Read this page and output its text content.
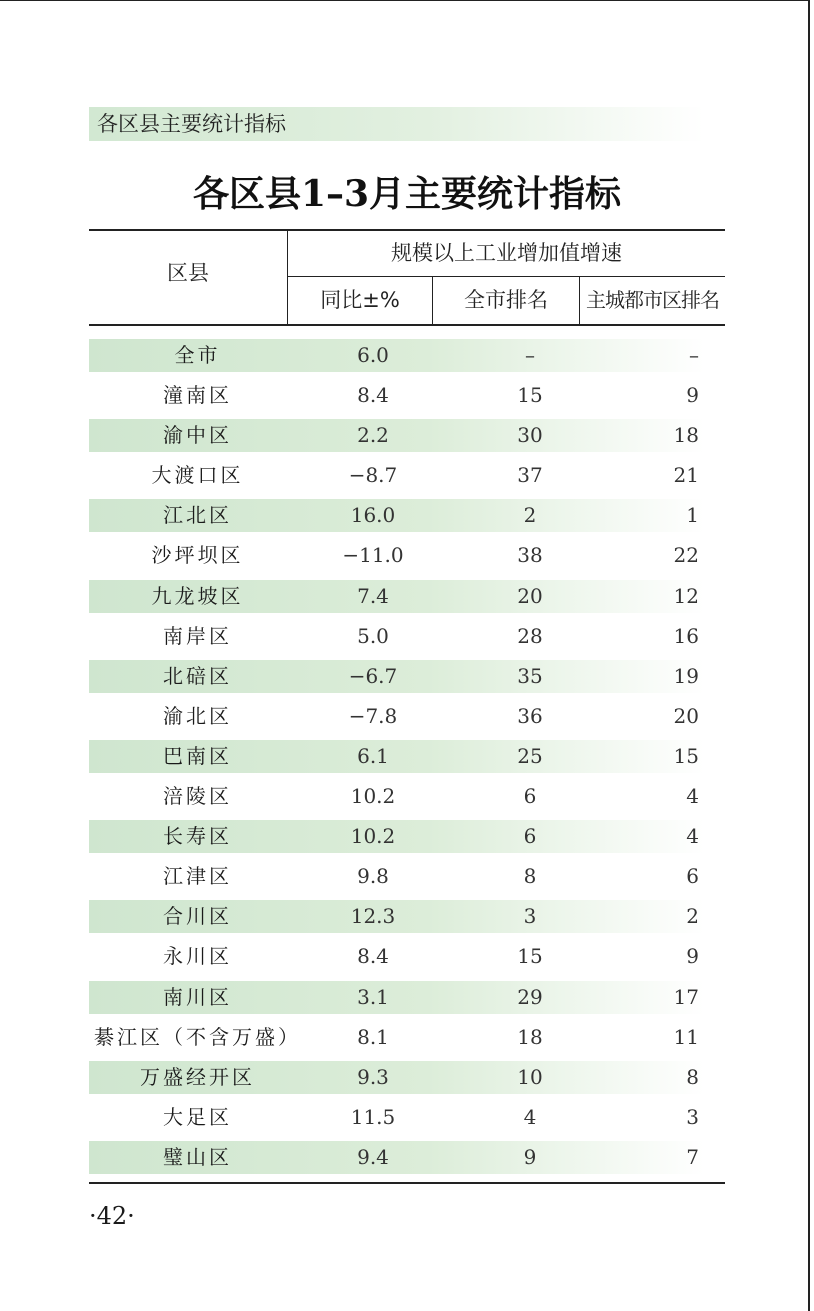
各区县主要统计指标
各区县1–3月主要统计指标
区县
规模以上工业增加值增速
同比±%	全市排名	主城都市区排名
全市	6.0	–	–
潼南区	8.4	15	9
渝中区	2.2	30	18
大渡口区	−8.7	37	21
江北区	16.0	2	1
沙坪坝区	−11.0	38	22
九龙坡区	7.4	20	12
南岸区	5.0	28	16
北碚区	−6.7	35	19
渝北区	−7.8	36	20
巴南区	6.1	25	15
涪陵区	10.2	6	4
长寿区	10.2	6	4
江津区	9.8	8	6
合川区	12.3	3	2
永川区	8.4	15	9
南川区	3.1	29	17
綦江区（不含万盛）	8.1	18	11
万盛经开区	9.3	10	8
大足区	11.5	4	3
璧山区	9.4	9	7
·42·
